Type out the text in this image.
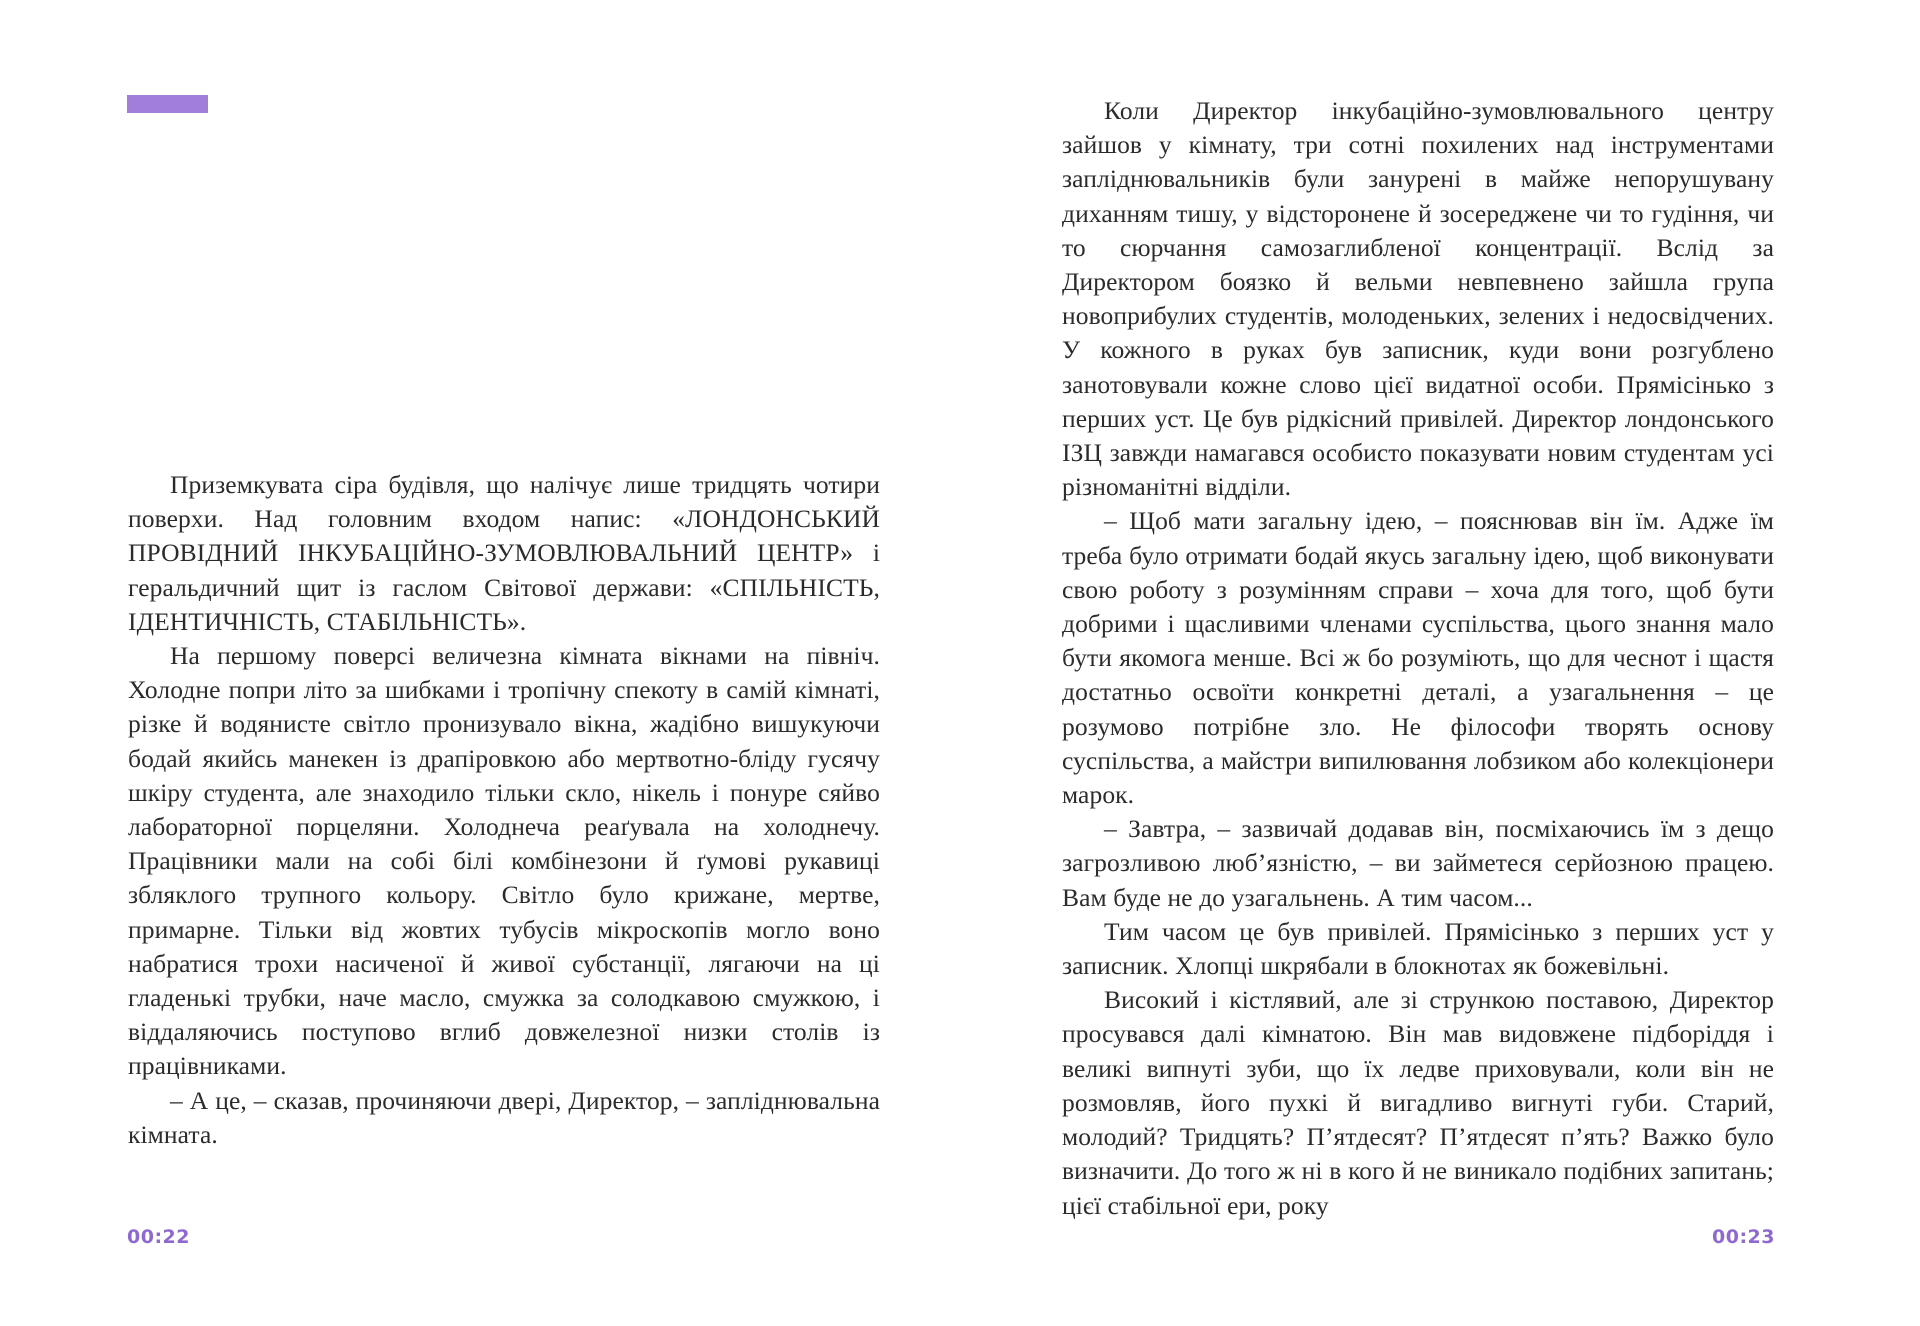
Приземкувата сіра будівля, що налічує лише тридцять чотири поверхи. Над головним входом напис: «ЛОНДОНСЬКИЙ ПРОВІДНИЙ ІНКУБАЦІЙНО-ЗУМОВЛЮВАЛЬНИЙ ЦЕНТР» і геральдичний щит із гаслом Світової держави: «СПІЛЬНІСТЬ, ІДЕНТИЧНІСТЬ, СТАБІЛЬНІСТЬ».

На першому поверсі величезна кімната вікнами на північ. Холодне попри літо за шибками і тропічну спекоту в самій кімнаті, різке й водянисте світло пронизувало вікна, жадібно вишукуючи бодай якийсь манекен із драпіровкою або мертвотно-бліду гусячу шкіру студента, але знаходило тільки скло, нікель і понуре сяйво лабораторної порцеляни. Холоднеча реаґувала на холоднечу. Працівники мали на собі білі комбінезони й ґумові рукавиці збляклого трупного кольору. Світло було крижане, мертве, примарне. Тільки від жовтих тубусів мікроскопів могло воно набратися трохи насиченої й живої субстанції, лягаючи на ці гладенькі трубки, наче масло, смужка за солодкавою смужкою, і віддаляючись поступово вглиб довжелезної низки столів із працівниками.

– А це, – сказав, прочиняючи двері, Директор, – запліднювальна кімната.

00:22

Коли Директор інкубаційно-зумовлювального центру зайшов у кімнату, три сотні похилених над інструментами запліднювальників були занурені в майже непорушувану диханням тишу, у відсторонене й зосереджене чи то гудіння, чи то сюрчання самозаглибленої концентрації. Вслід за Директором боязко й вельми невпевнено зайшла група новоприбулих студентів, молоденьких, зелених і недосвідчених. У кожного в руках був записник, куди вони розгублено занотовували кожне слово цієї видатної особи. Прямісінько з перших уст. Це був рідкісний привілей. Директор лондонського ІЗЦ завжди намагався особисто показувати новим студентам усі різноманітні відділи.

– Щоб мати загальну ідею, – пояснював він їм. Адже їм треба було отримати бодай якусь загальну ідею, щоб виконувати свою роботу з розумінням справи – хоча для того, щоб бути добрими і щасливими членами суспільства, цього знання мало бути якомога менше. Всі ж бо розуміють, що для чеснот і щастя достатньо освоїти конкретні деталі, а узагальнення – це розумово потрібне зло. Не філософи творять основу суспільства, а майстри випилювання лобзиком або колекціонери марок.

– Завтра, – зазвичай додавав він, посміхаючись їм з дещо загрозливою люб’язністю, – ви займетеся серйозною працею. Вам буде не до узагальнень. А тим часом...

Тим часом це був привілей. Прямісінько з перших уст у записник. Хлопці шкрябали в блокнотах як божевільні.

Високий і кістлявий, але зі стрункою поставою, Директор просувався далі кімнатою. Він мав видовжене підборіддя і великі випнуті зуби, що їх ледве приховували, коли він не розмовляв, його пухкі й вигадливо вигнуті губи. Старий, молодий? Тридцять? П’ятдесят? П’ятдесят п’ять? Важко було визначити. До того ж ні в кого й не виникало подібних запитань; цієї стабільної ери, року

00:23
